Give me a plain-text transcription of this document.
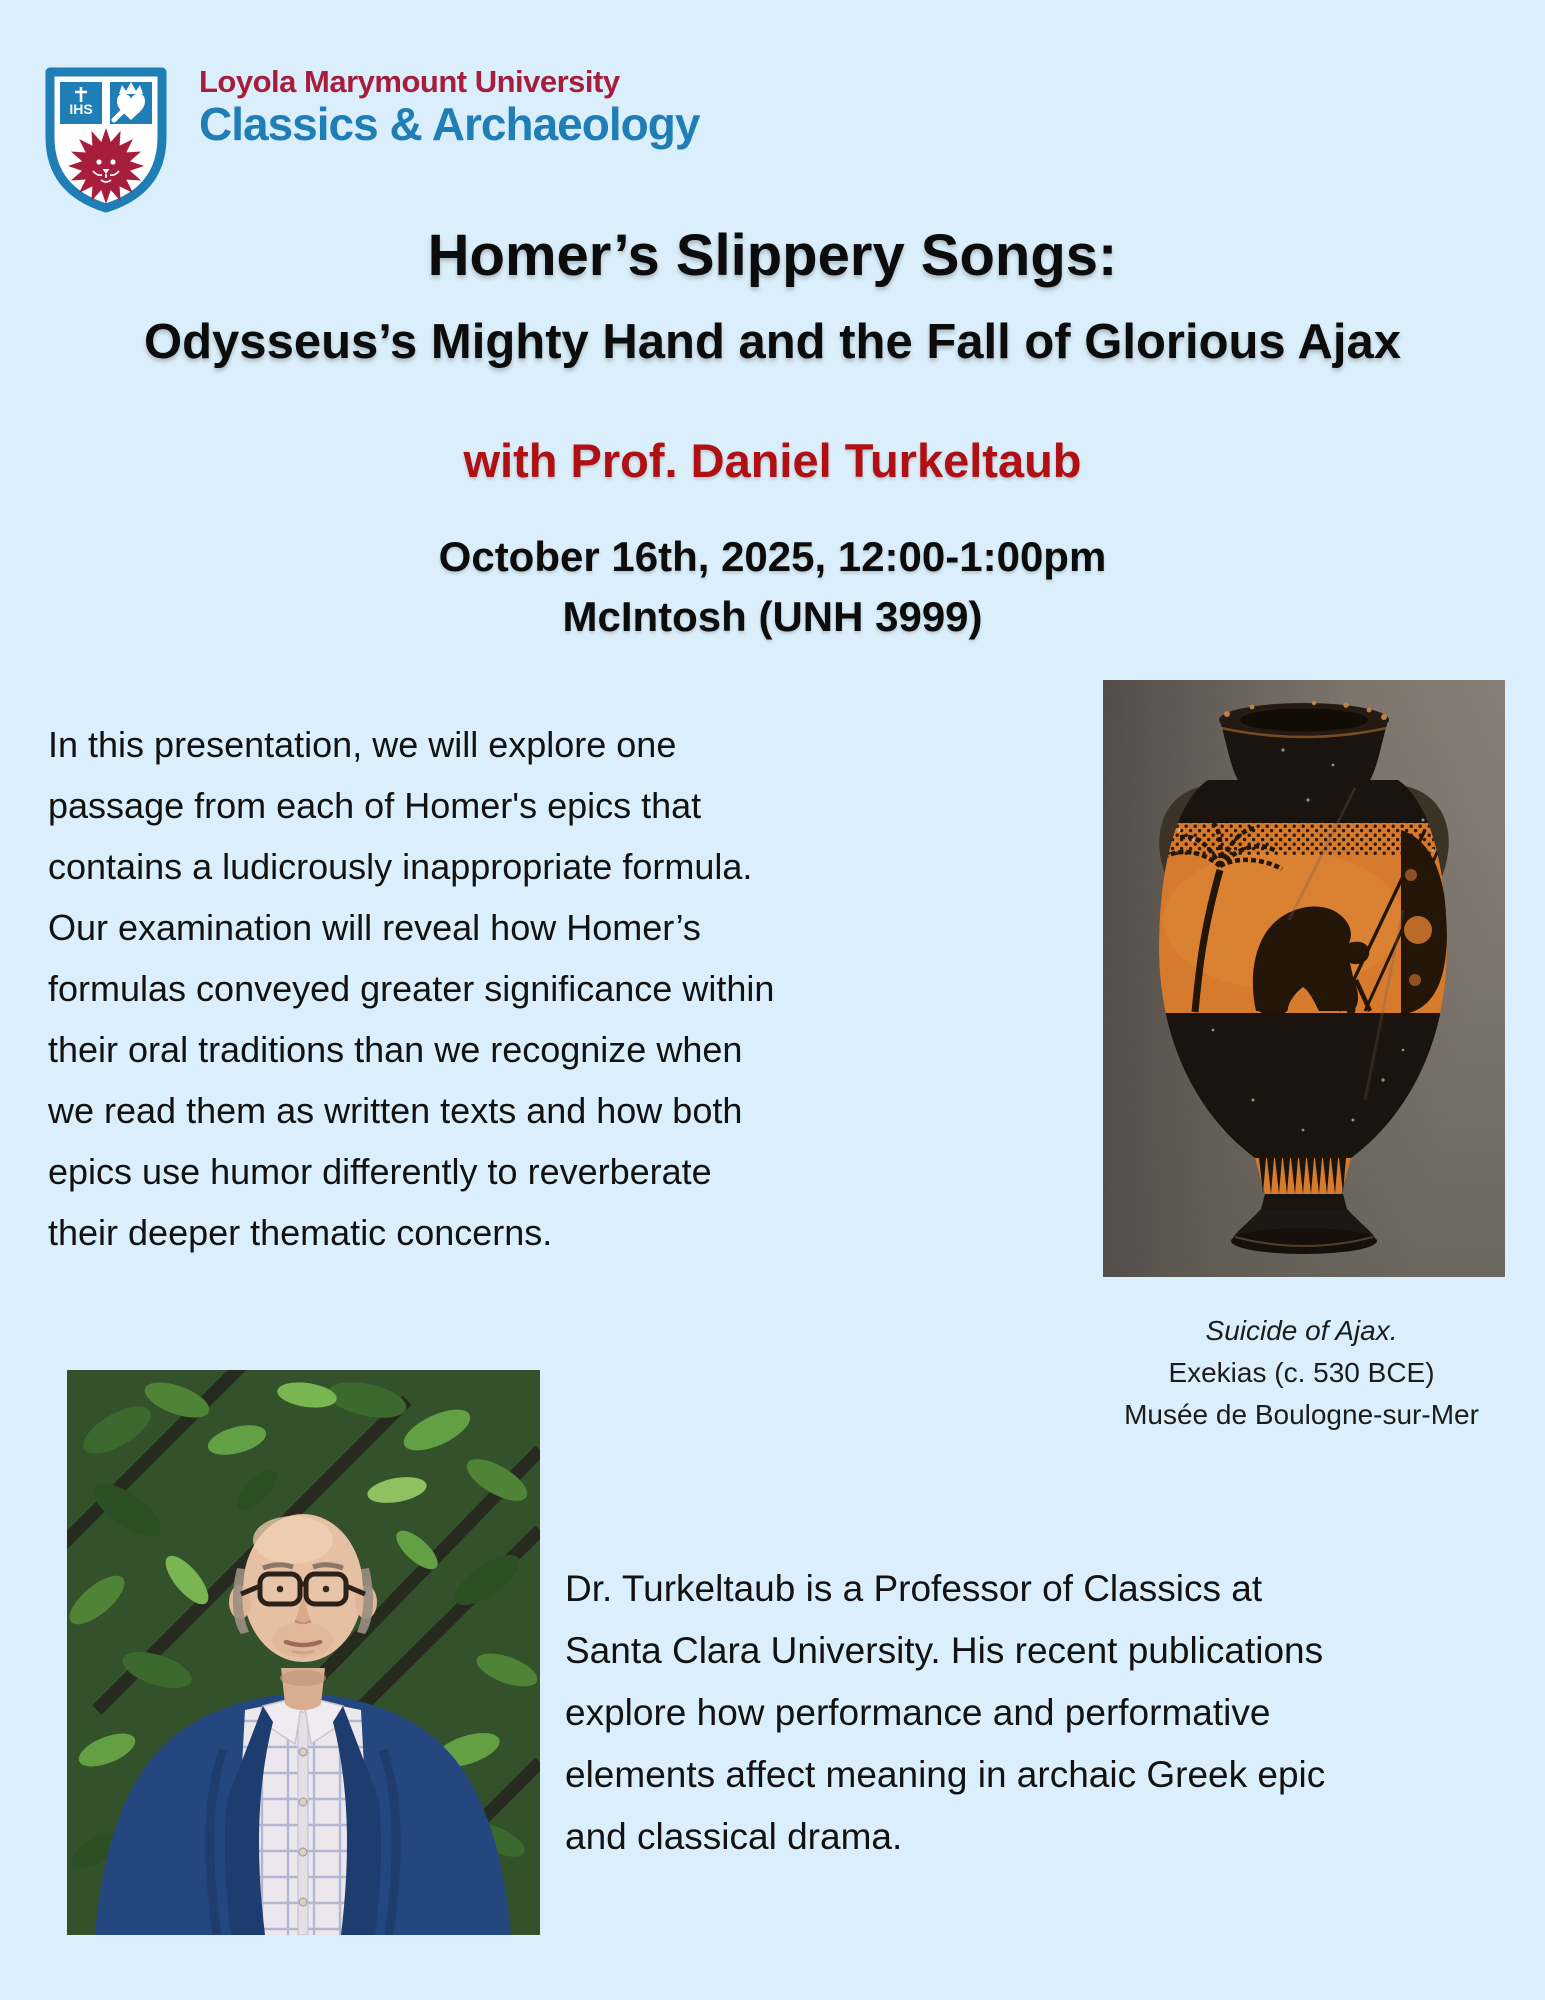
IHS
Loyola Marymount University
Classics & Archaeology
Homer’s Slippery Songs:
Odysseus’s Mighty Hand and the Fall of Glorious Ajax
with Prof. Daniel Turkeltaub
October 16th, 2025, 12:00-1:00pm
McIntosh (UNH 3999)
In this presentation, we will explore one
passage from each of Homer's epics that
contains a ludicrously inappropriate formula.
Our examination will reveal how Homer’s
formulas conveyed greater significance within
their oral traditions than we recognize when
we read them as written texts and how both
epics use humor differently to reverberate
their deeper thematic concerns.
Suicide of Ajax.
Exekias (c. 530 BCE)
Musée de Boulogne-sur-Mer
Dr. Turkeltaub is a Professor of Classics at
Santa Clara University. His recent publications
explore how performance and performative
elements affect meaning in archaic Greek epic
and classical drama.
